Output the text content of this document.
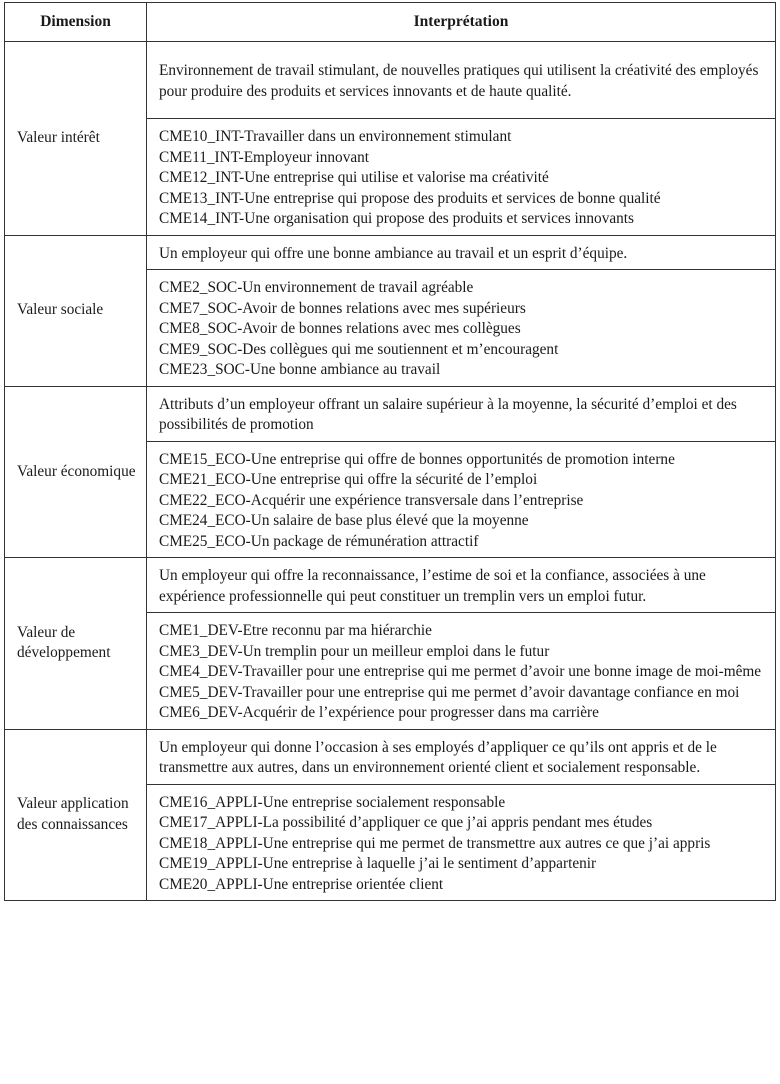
Dimension	Interprétation
Valeur intérêt	Environnement de travail stimulant, de nouvelles pratiques qui utilisent la créativité des employés pour produire des produits et services innovants et de haute qualité.

	CME10_INT-Travailler dans un environnement stimulant
CME11_INT-Employeur innovant
CME12_INT-Une entreprise qui utilise et valorise ma créativité
CME13_INT-Une entreprise qui propose des produits et services de bonne qualité
CME14_INT-Une organisation qui propose des produits et services innovants

Valeur sociale	Un employeur qui offre une bonne ambiance au travail et un esprit d’équipe.

	CME2_SOC-Un environnement de travail agréable
CME7_SOC-Avoir de bonnes relations avec mes supérieurs
CME8_SOC-Avoir de bonnes relations avec mes collègues
CME9_SOC-Des collègues qui me soutiennent et m’encouragent
CME23_SOC-Une bonne ambiance au travail

Valeur économique	Attributs d’un employeur offrant un salaire supérieur à la moyenne, la sécurité d’emploi et des possibilités de promotion

	CME15_ECO-Une entreprise qui offre de bonnes opportunités de promotion interne
CME21_ECO-Une entreprise qui offre la sécurité de l’emploi
CME22_ECO-Acquérir une expérience transversale dans l’entreprise
CME24_ECO-Un salaire de base plus élevé que la moyenne
CME25_ECO-Un package de rémunération attractif

Valeur de développement	Un employeur qui offre la reconnaissance, l’estime de soi et la confiance, associées à une expérience professionnelle qui peut constituer un tremplin vers un emploi futur.

	CME1_DEV-Etre reconnu par ma hiérarchie
CME3_DEV-Un tremplin pour un meilleur emploi dans le futur
CME4_DEV-Travailler pour une entreprise qui me permet d’avoir une bonne image de moi-même
CME5_DEV-Travailler pour une entreprise qui me permet d’avoir davantage confiance en moi
CME6_DEV-Acquérir de l’expérience pour progresser dans ma carrière

Valeur application des connaissances	Un employeur qui donne l’occasion à ses employés d’appliquer ce qu’ils ont appris et de le transmettre aux autres, dans un environnement orienté client et socialement responsable.

	CME16_APPLI-Une entreprise socialement responsable
CME17_APPLI-La possibilité d’appliquer ce que j’ai appris pendant mes études
CME18_APPLI-Une entreprise qui me permet de transmettre aux autres ce que j’ai appris
CME19_APPLI-Une entreprise à laquelle j’ai le sentiment d’appartenir
CME20_APPLI-Une entreprise orientée client
